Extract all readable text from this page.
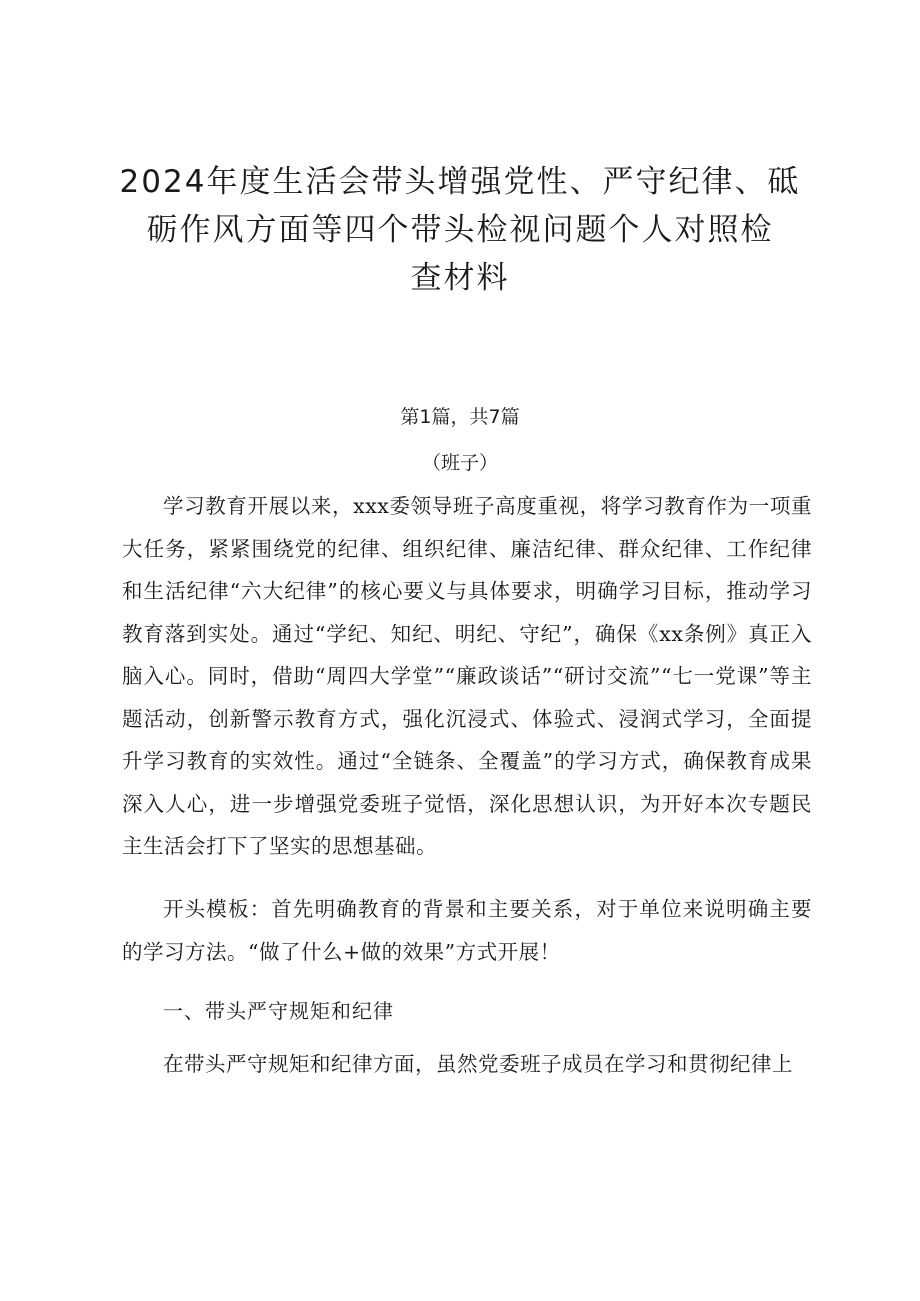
2024年度生活会带头增强党性、严守纪律、砥
砺作风方面等四个带头检视问题个人对照检
查材料
第1篇，共7篇
（班子）

学习教育开展以来，xxx委领导班子高度重视，将学习教育作为一项重大任务，紧紧围绕党的纪律、组织纪律、廉洁纪律、群众纪律、工作纪律和生活纪律“六大纪律”的核心要义与具体要求，明确学习目标，推动学习教育落到实处。通过“学纪、知纪、明纪、守纪”，确保《xx条例》真正入脑入心。同时，借助“周四大学堂”“廉政谈话”“研讨交流”“七一党课”等主题活动，创新警示教育方式，强化沉浸式、体验式、浸润式学习，全面提升学习教育的实效性。通过“全链条、全覆盖”的学习方式，确保教育成果深入人心，进一步增强党委班子觉悟，深化思想认识，为开好本次专题民主生活会打下了坚实的思想基础。

开头模板：首先明确教育的背景和主要关系，对于单位来说明确主要的学习方法。“做了什么+做的效果”方式开展！

一、带头严守规矩和纪律

在带头严守规矩和纪律方面，虽然党委班子成员在学习和贯彻纪律上
